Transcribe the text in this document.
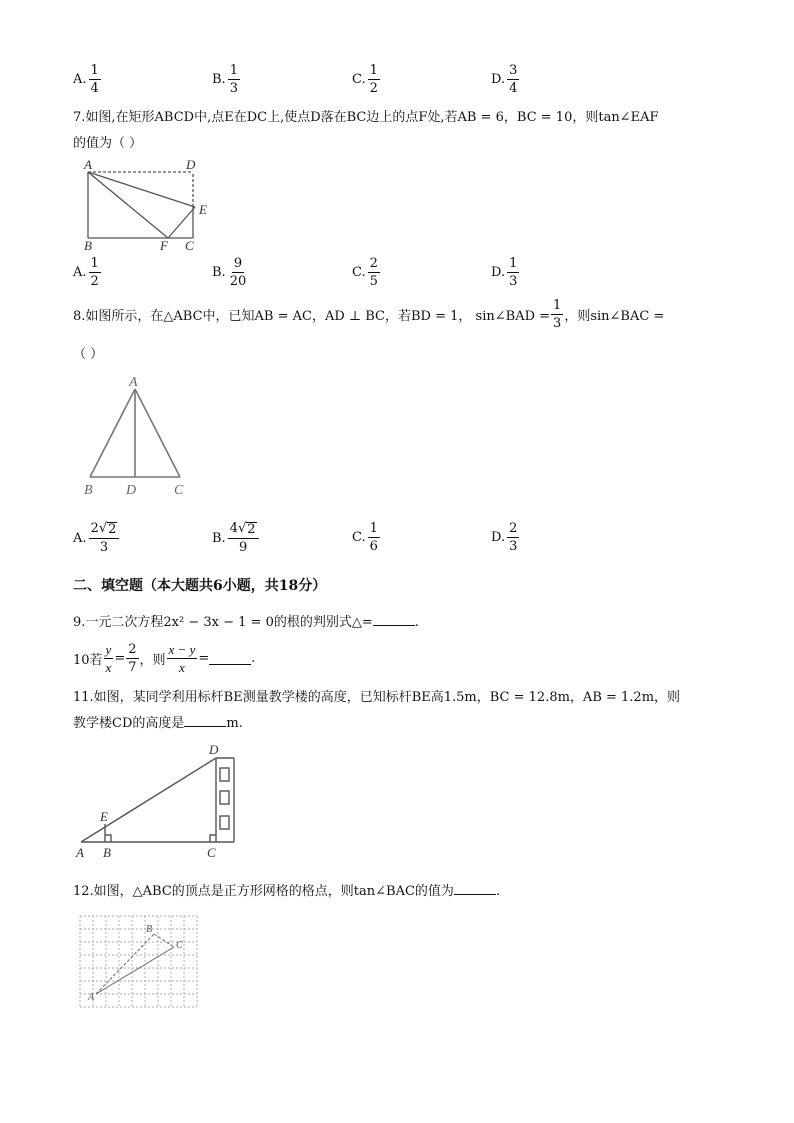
A. $\frac{1}{4}$	B. $\frac{1}{3}$	C. $\frac{1}{2}$	D. $\frac{3}{4}$
7.如图,在矩形ABCD中,点E在DC上,使点D落在BC边上的点F处,若AB = 6，BC = 10，则tan∠EAF
的值为（ ）
A	D
E
B	F C
A. $\frac{1}{2}$	B. $\frac{9}{20}$	C. $\frac{2}{5}$	D. $\frac{1}{3}$
8.如图所示，在△ABC中，已知AB = AC，AD ⊥ BC，若BD = 1， sin∠BAD = $\frac{1}{3}$ ，则sin∠BAC =
（ ）
A
B D	C
A. $\frac{2√ 2}{3}$	B. $\frac{4√ 2}{9}$	C. $\frac{1}{6}$	D. $\frac{2}{3}$
二、填空题（本大题共6小题，共18分）
9.一元二次方程2x² − 3x − 1 = 0的根的判别式△=	.
10若 $\frac{y}{x} = \frac{2}{7}$ ，则 $\frac{x - y}{x}$ =	.
11.如图，某同学利用标杆BE测量教学楼的高度，已知标杆BE高1.5m，BC = 12.8m，AB = 1.2m，则
教学楼CD的高度是	m.
D
E
A B	C
12.如图，△ABC的顶点是正方形网格的格点，则tan∠BAC的值为	.
A
B
C
